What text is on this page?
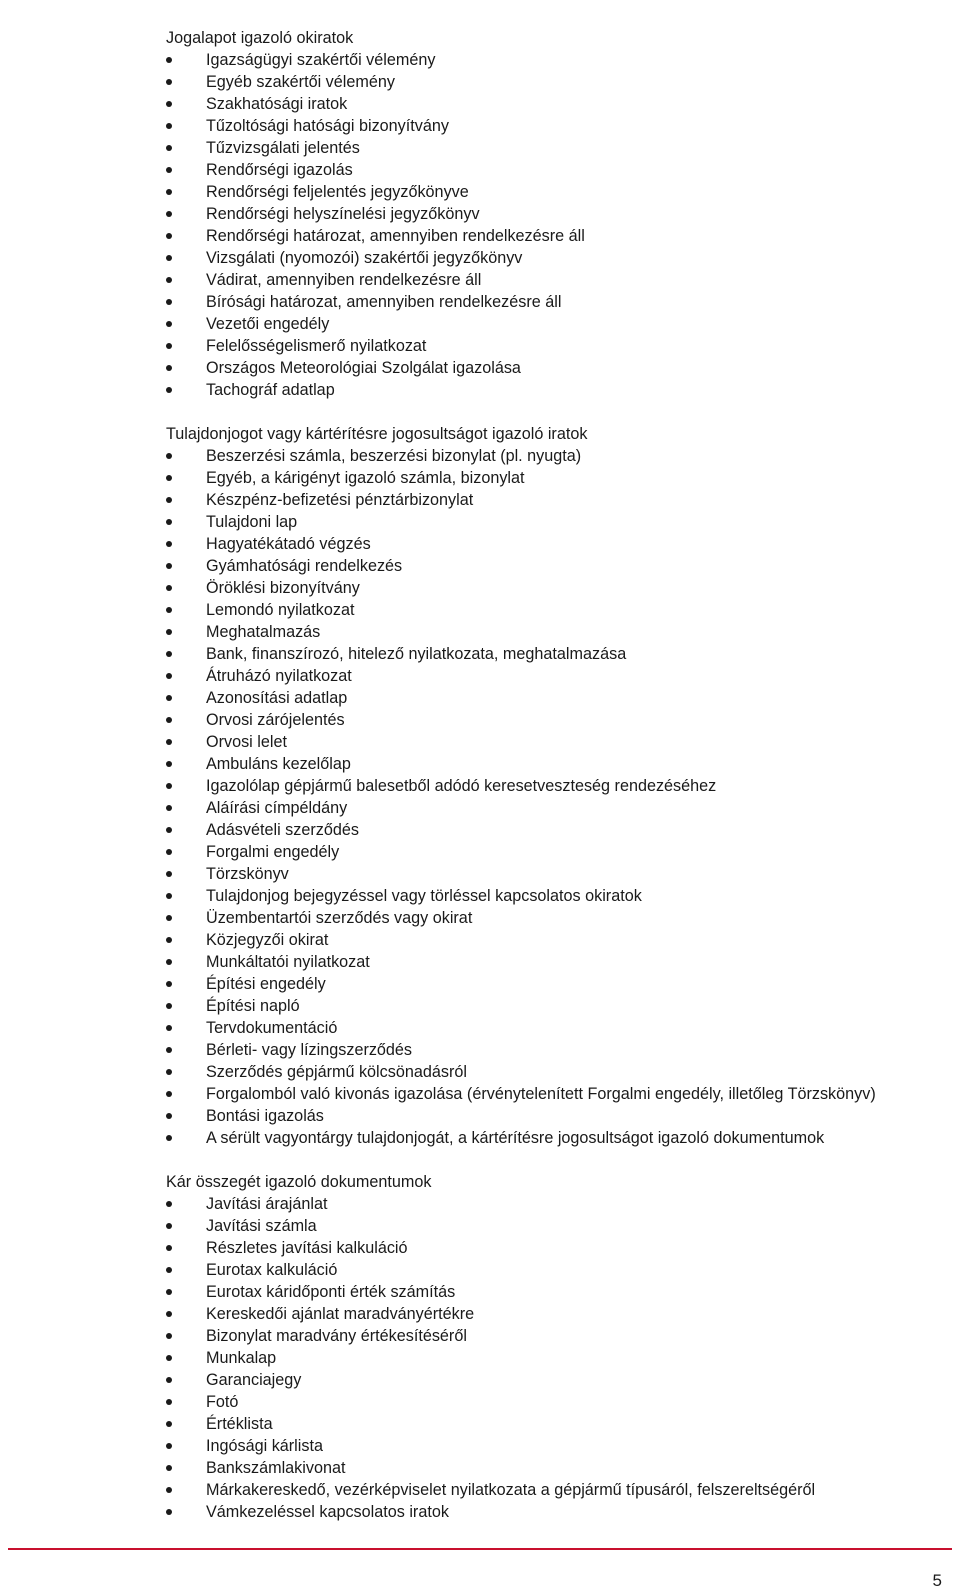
Jogalapot igazoló okiratok
Igazságügyi szakértői vélemény
Egyéb szakértői vélemény
Szakhatósági iratok
Tűzoltósági hatósági bizonyítvány
Tűzvizsgálati jelentés
Rendőrségi igazolás
Rendőrségi feljelentés jegyzőkönyve
Rendőrségi helyszínelési jegyzőkönyv
Rendőrségi határozat, amennyiben rendelkezésre áll
Vizsgálati (nyomozói) szakértői jegyzőkönyv
Vádirat, amennyiben rendelkezésre áll
Bírósági határozat, amennyiben rendelkezésre áll
Vezetői engedély
Felelősségelismerő nyilatkozat
Országos Meteorológiai Szolgálat igazolása
Tachográf adatlap
Tulajdonjogot vagy kártérítésre jogosultságot igazoló iratok
Beszerzési számla, beszerzési bizonylat (pl. nyugta)
Egyéb, a kárigényt igazoló számla, bizonylat
Készpénz-befizetési pénztárbizonylat
Tulajdoni lap
Hagyatékátadó végzés
Gyámhatósági rendelkezés
Öröklési bizonyítvány
Lemondó nyilatkozat
Meghatalmazás
Bank, finanszírozó, hitelező nyilatkozata, meghatalmazása
Átruházó nyilatkozat
Azonosítási adatlap
Orvosi zárójelentés
Orvosi lelet
Ambuláns kezelőlap
Igazolólap gépjármű balesetből adódó keresetveszteség rendezéséhez
Aláírási címpéldány
Adásvételi szerződés
Forgalmi engedély
Törzskönyv
Tulajdonjog bejegyzéssel vagy törléssel kapcsolatos okiratok
Üzembentartói szerződés vagy okirat
Közjegyzői okirat
Munkáltatói nyilatkozat
Építési engedély
Építési napló
Tervdokumentáció
Bérleti- vagy lízingszerződés
Szerződés gépjármű kölcsönadásról
Forgalomból való kivonás igazolása (érvénytelenített Forgalmi engedély, illetőleg Törzskönyv)
Bontási igazolás
A sérült vagyontárgy tulajdonjogát, a kártérítésre jogosultságot igazoló dokumentumok
Kár összegét igazoló dokumentumok
Javítási árajánlat
Javítási számla
Részletes javítási kalkuláció
Eurotax kalkuláció
Eurotax káridőponti érték számítás
Kereskedői ajánlat maradványértékre
Bizonylat maradvány értékesítéséről
Munkalap
Garanciajegy
Fotó
Értéklista
Ingósági kárlista
Bankszámlakivonat
Márkakereskedő, vezérképviselet nyilatkozata a gépjármű típusáról, felszereltségéről
Vámkezeléssel kapcsolatos iratok
5
